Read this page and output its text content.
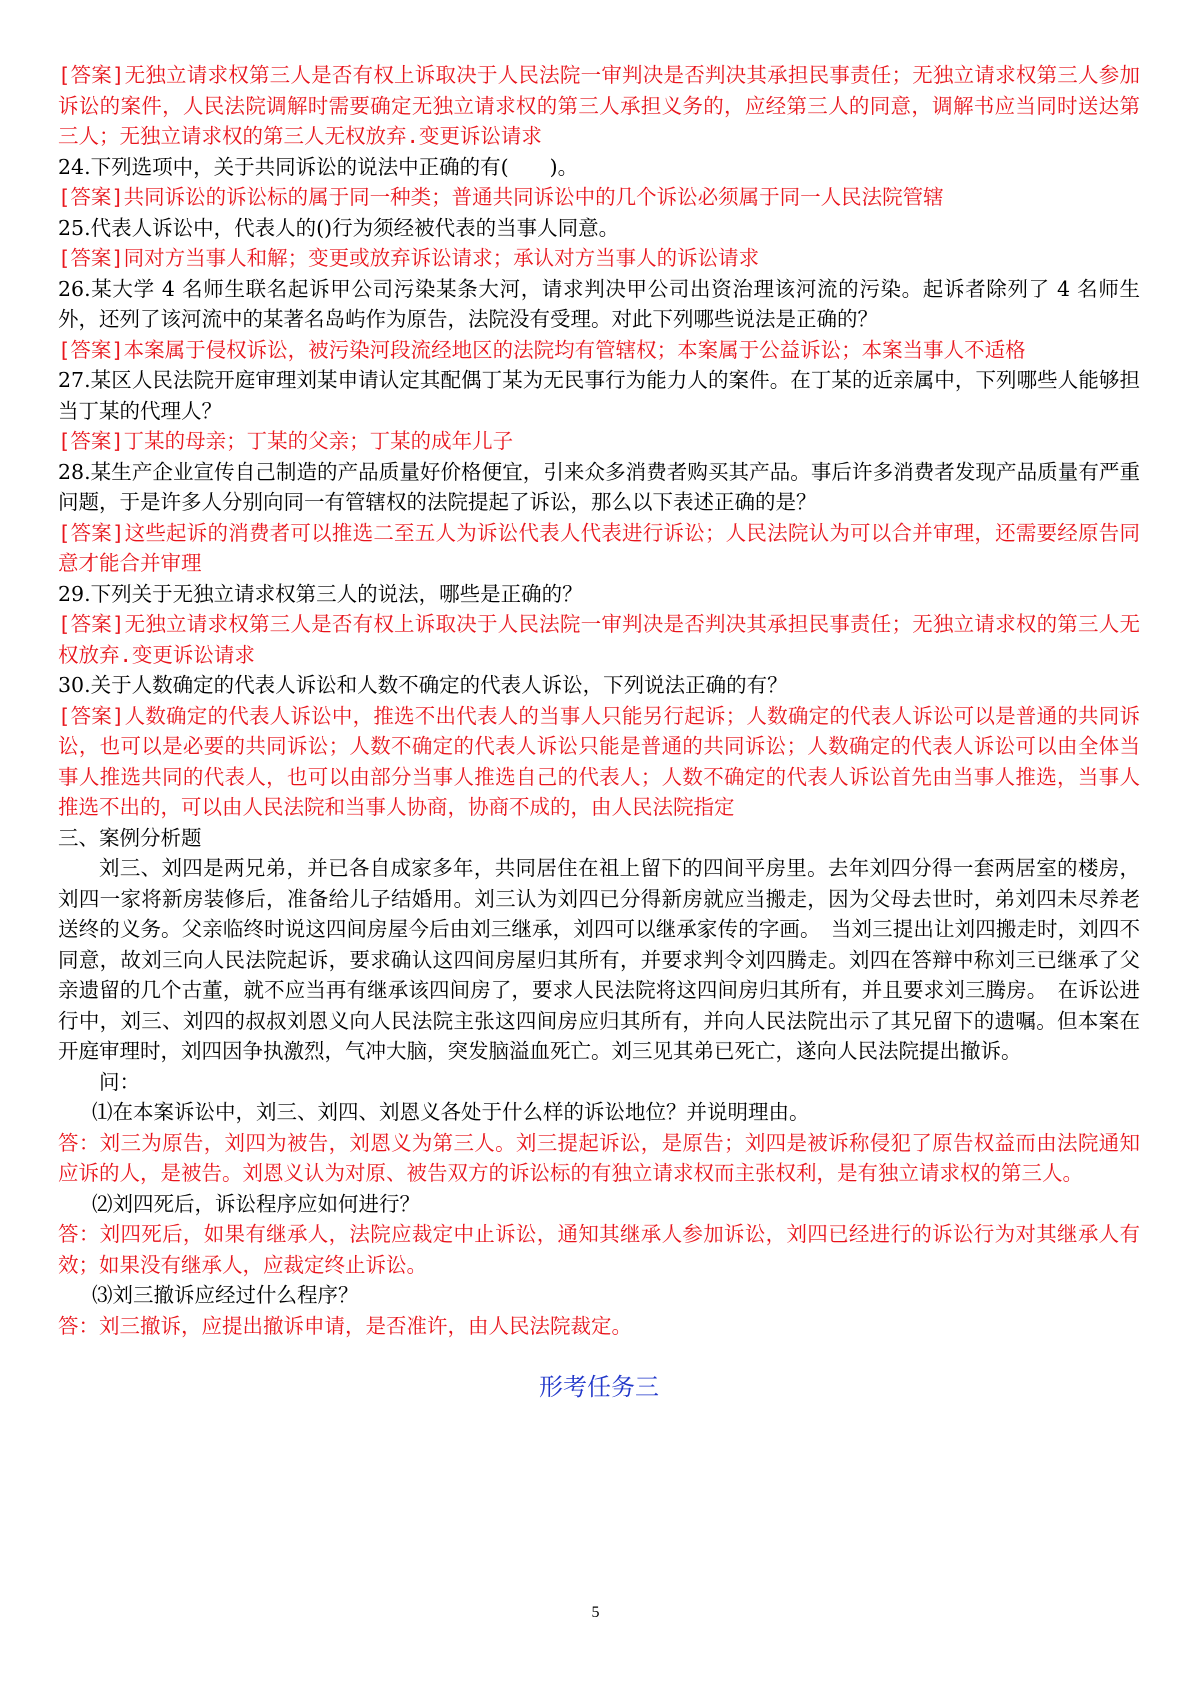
[答案]无独立请求权第三人是否有权上诉取决于人民法院一审判决是否判决其承担民事责任；无独立请求权第三人参加诉讼的案件，人民法院调解时需要确定无独立请求权的第三人承担义务的，应经第三人的同意，调解书应当同时送达第三人；无独立请求权的第三人无权放弃.变更诉讼请求

24.下列选项中，关于共同诉讼的说法中正确的有(　　)。

[答案]共同诉讼的诉讼标的属于同一种类；普通共同诉讼中的几个诉讼必须属于同一人民法院管辖

25.代表人诉讼中，代表人的()行为须经被代表的当事人同意。

[答案]同对方当事人和解；变更或放弃诉讼请求；承认对方当事人的诉讼请求

26.某大学 4 名师生联名起诉甲公司污染某条大河，请求判决甲公司出资治理该河流的污染。起诉者除列了 4 名师生外，还列了该河流中的某著名岛屿作为原告，法院没有受理。对此下列哪些说法是正确的？

[答案]本案属于侵权诉讼，被污染河段流经地区的法院均有管辖权；本案属于公益诉讼；本案当事人不适格

27.某区人民法院开庭审理刘某申请认定其配偶丁某为无民事行为能力人的案件。在丁某的近亲属中，下列哪些人能够担当丁某的代理人？

[答案]丁某的母亲；丁某的父亲；丁某的成年儿子

28.某生产企业宣传自己制造的产品质量好价格便宜，引来众多消费者购买其产品。事后许多消费者发现产品质量有严重问题，于是许多人分别向同一有管辖权的法院提起了诉讼，那么以下表述正确的是？

[答案]这些起诉的消费者可以推选二至五人为诉讼代表人代表进行诉讼；人民法院认为可以合并审理，还需要经原告同意才能合并审理

29.下列关于无独立请求权第三人的说法，哪些是正确的？

[答案]无独立请求权第三人是否有权上诉取决于人民法院一审判决是否判决其承担民事责任；无独立请求权的第三人无权放弃.变更诉讼请求

30.关于人数确定的代表人诉讼和人数不确定的代表人诉讼，下列说法正确的有？

[答案]人数确定的代表人诉讼中，推选不出代表人的当事人只能另行起诉；人数确定的代表人诉讼可以是普通的共同诉讼，也可以是必要的共同诉讼；人数不确定的代表人诉讼只能是普通的共同诉讼；人数确定的代表人诉讼可以由全体当事人推选共同的代表人，也可以由部分当事人推选自己的代表人；人数不确定的代表人诉讼首先由当事人推选，当事人推选不出的，可以由人民法院和当事人协商，协商不成的，由人民法院指定

三、案例分析题

刘三、刘四是两兄弟，并已各自成家多年，共同居住在祖上留下的四间平房里。去年刘四分得一套两居室的楼房，刘四一家将新房装修后，准备给儿子结婚用。刘三认为刘四已分得新房就应当搬走，因为父母去世时，弟刘四未尽养老送终的义务。父亲临终时说这四间房屋今后由刘三继承，刘四可以继承家传的字画。　当刘三提出让刘四搬走时，刘四不同意，故刘三向人民法院起诉，要求确认这四间房屋归其所有，并要求判令刘四腾走。刘四在答辩中称刘三已继承了父亲遗留的几个古董，就不应当再有继承该四间房了，要求人民法院将这四间房归其所有，并且要求刘三腾房。　在诉讼进行中，刘三、刘四的叔叔刘恩义向人民法院主张这四间房应归其所有，并向人民法院出示了其兄留下的遗嘱。但本案在开庭审理时，刘四因争执激烈，气冲大脑，突发脑溢血死亡。刘三见其弟已死亡，遂向人民法院提出撤诉。

问：

⑴在本案诉讼中，刘三、刘四、刘恩义各处于什么样的诉讼地位？并说明理由。

答：刘三为原告，刘四为被告，刘恩义为第三人。刘三提起诉讼，是原告；刘四是被诉称侵犯了原告权益而由法院通知应诉的人，是被告。刘恩义认为对原、被告双方的诉讼标的有独立请求权而主张权利，是有独立请求权的第三人。

⑵刘四死后，诉讼程序应如何进行？

答：刘四死后，如果有继承人，法院应裁定中止诉讼，通知其继承人参加诉讼，刘四已经进行的诉讼行为对其继承人有效；如果没有继承人，应裁定终止诉讼。

⑶刘三撤诉应经过什么程序？

答：刘三撤诉，应提出撤诉申请，是否准许，由人民法院裁定。

形考任务三
5
